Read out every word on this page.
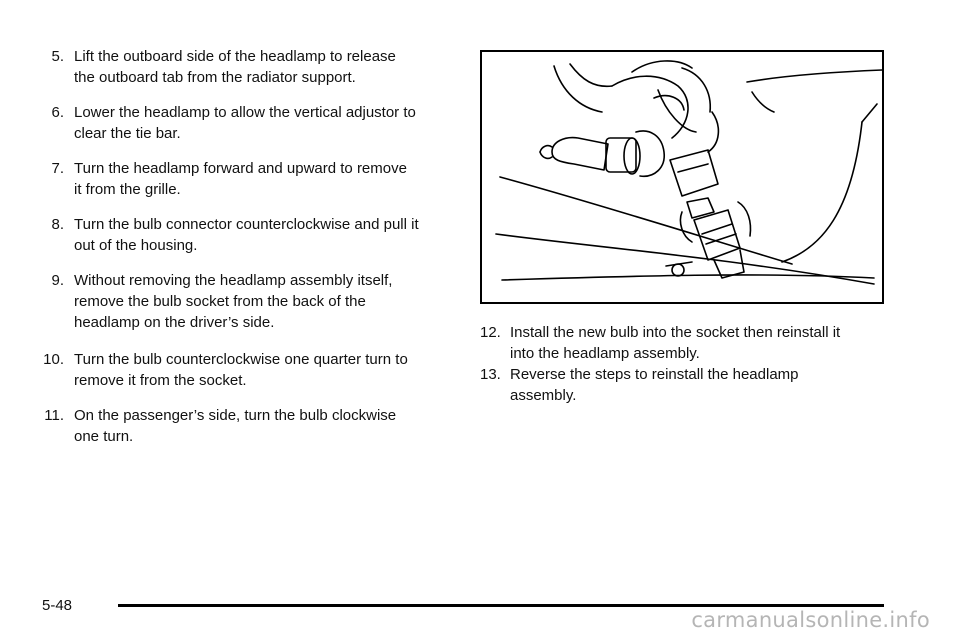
5. Lift the outboard side of the headlamp to release
the outboard tab from the radiator support.
6. Lower the headlamp to allow the vertical adjustor to
clear the tie bar.
7. Turn the headlamp forward and upward to remove
it from the grille.
8. Turn the bulb connector counterclockwise and pull it
out of the housing.
9. Without removing the headlamp assembly itself,
remove the bulb socket from the back of the
headlamp on the driver’s side.
10. Turn the bulb counterclockwise one quarter turn to
remove it from the socket.
11. On the passenger’s side, turn the bulb clockwise
one turn.
12. Install the new bulb into the socket then reinstall it
into the headlamp assembly.
13. Reverse the steps to reinstall the headlamp
assembly.
5-48
carmanualsonline.info
